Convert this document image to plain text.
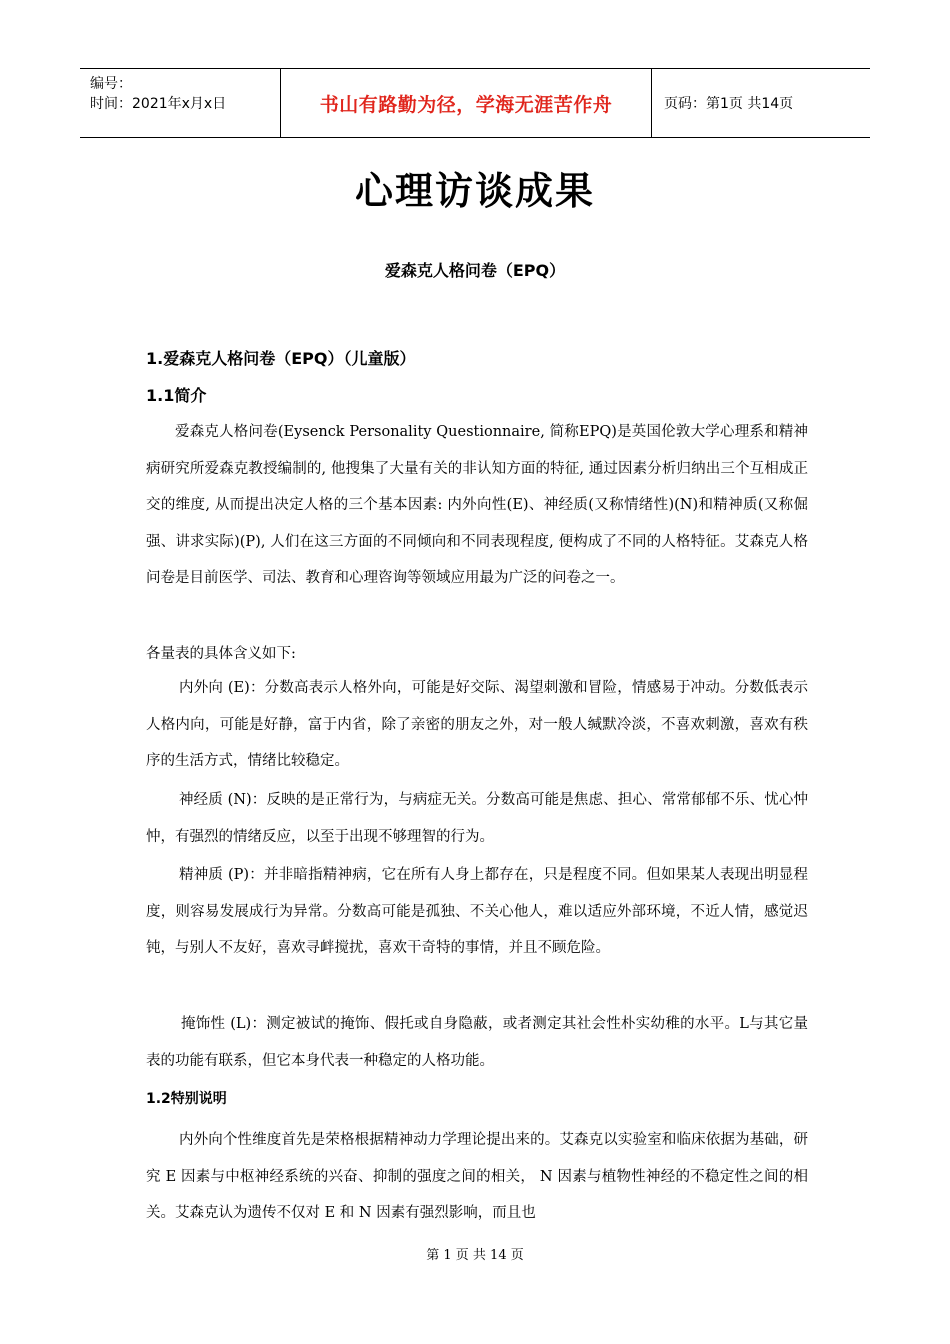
编号：
时间：2021年x月x日	书山有路勤为径，学海无涯苦作舟	页码：第1页 共14页
心理访谈成果
爱森克人格问卷（EPQ）
1.爱森克人格问卷（EPQ）（儿童版）
1.1简介
爱森克人格问卷(Eysenck Personality Questionnaire, 简称EPQ)是英国伦敦大学心理系和精神病研究所爱森克教授编制的, 他搜集了大量有关的非认知方面的特征, 通过因素分析归纳出三个互相成正交的维度, 从而提出决定人格的三个基本因素: 内外向性(E)、神经质(又称情绪性)(N)和精神质(又称倔强、讲求实际)(P), 人们在这三方面的不同倾向和不同表现程度, 便构成了不同的人格特征。艾森克人格问卷是目前医学、司法、教育和心理咨询等领域应用最为广泛的问卷之一。
各量表的具体含义如下:
内外向 (E)：分数高表示人格外向，可能是好交际、渴望刺激和冒险，情感易于冲动。分数低表示人格内向，可能是好静，富于内省，除了亲密的朋友之外，对一般人缄默冷淡，不喜欢刺激，喜欢有秩序的生活方式，情绪比较稳定。
神经质 (N)：反映的是正常行为，与病症无关。分数高可能是焦虑、担心、常常郁郁不乐、忧心忡忡，有强烈的情绪反应，以至于出现不够理智的行为。
精神质 (P)：并非暗指精神病，它在所有人身上都存在，只是程度不同。但如果某人表现出明显程度，则容易发展成行为异常。分数高可能是孤独、不关心他人，难以适应外部环境，不近人情，感觉迟钝，与别人不友好，喜欢寻衅搅扰，喜欢干奇特的事情，并且不顾危险。
掩饰性 (L)：测定被试的掩饰、假托或自身隐蔽，或者测定其社会性朴实幼稚的水平。L与其它量表的功能有联系，但它本身代表一种稳定的人格功能。
1.2特别说明
内外向个性维度首先是荣格根据精神动力学理论提出来的。艾森克以实验室和临床依据为基础，研究 E 因素与中枢神经系统的兴奋、抑制的强度之间的相关， N 因素与植物性神经的不稳定性之间的相关。艾森克认为遗传不仅对 E 和 N 因素有强烈影响，而且也
第 1 页 共 14 页
